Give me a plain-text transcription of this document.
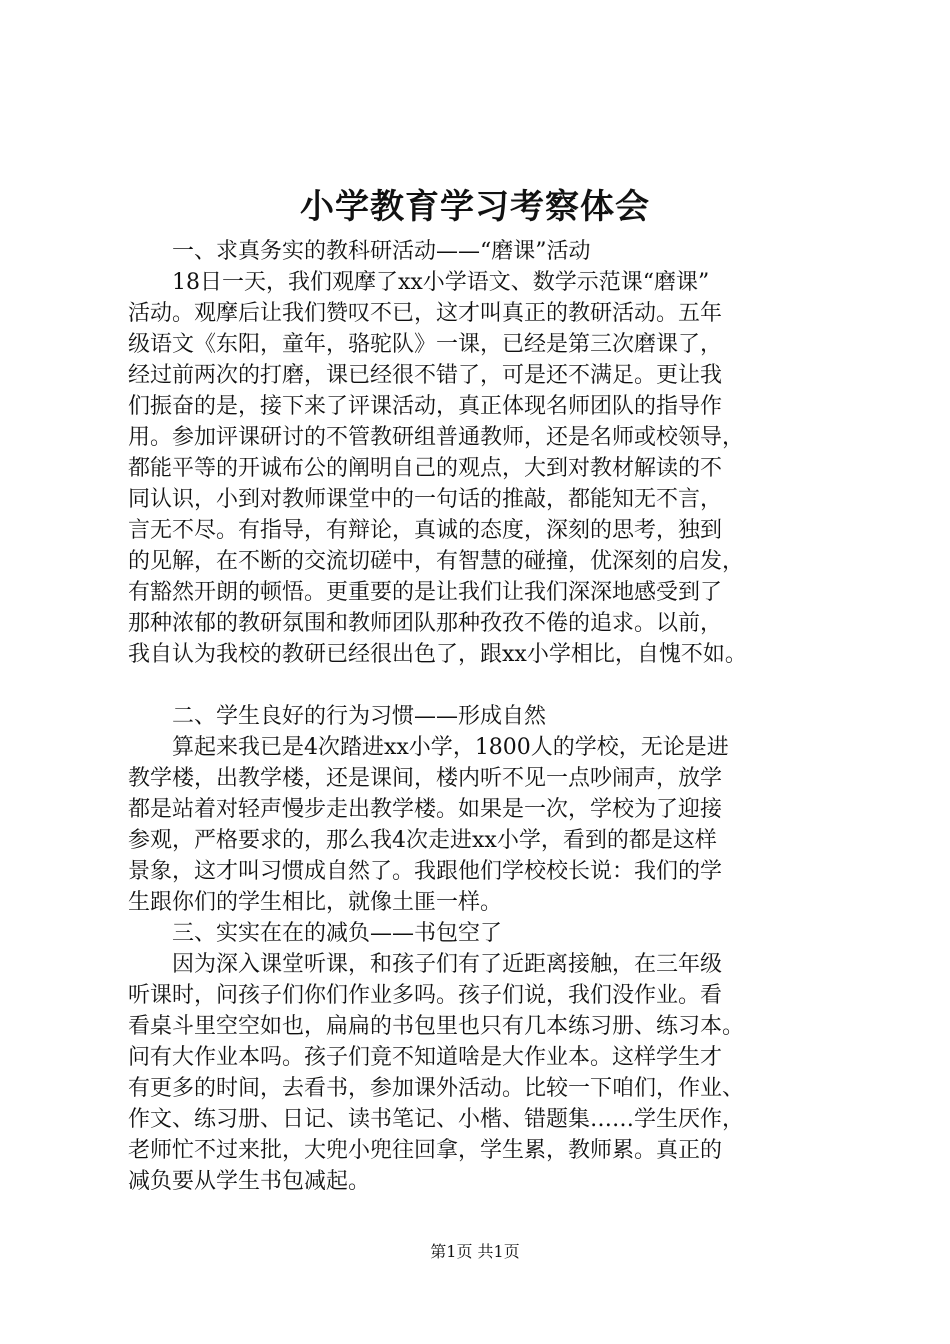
小学教育学习考察体会
　　一、求真务实的教科研活动——“磨课”活动
　　18日一天，我们观摩了xx小学语文、数学示范课“磨课”
活动。观摩后让我们赞叹不已，这才叫真正的教研活动。五年
级语文《东阳，童年，骆驼队》一课，已经是第三次磨课了，
经过前两次的打磨，课已经很不错了，可是还不满足。更让我
们振奋的是，接下来了评课活动，真正体现名师团队的指导作
用。参加评课研讨的不管教研组普通教师，还是名师或校领导，
都能平等的开诚布公的阐明自己的观点，大到对教材解读的不
同认识，小到对教师课堂中的一句话的推敲，都能知无不言，
言无不尽。有指导，有辩论，真诚的态度，深刻的思考，独到
的见解，在不断的交流切磋中，有智慧的碰撞，优深刻的启发，
有豁然开朗的顿悟。更重要的是让我们让我们深深地感受到了
那种浓郁的教研氛围和教师团队那种孜孜不倦的追求。以前，
我自认为我校的教研已经很出色了，跟xx小学相比，自愧不如。
　　二、学生良好的行为习惯——形成自然
　　算起来我已是4次踏进xx小学，1800人的学校，无论是进
教学楼，出教学楼，还是课间，楼内听不见一点吵闹声，放学
都是站着对轻声慢步走出教学楼。如果是一次，学校为了迎接
参观，严格要求的，那么我4次走进xx小学，看到的都是这样
景象，这才叫习惯成自然了。我跟他们学校校长说：我们的学
生跟你们的学生相比，就像土匪一样。
　　三、实实在在的减负——书包空了
　　因为深入课堂听课，和孩子们有了近距离接触，在三年级
听课时，问孩子们你们作业多吗。孩子们说，我们没作业。看
看桌斗里空空如也，扁扁的书包里也只有几本练习册、练习本。
问有大作业本吗。孩子们竟不知道啥是大作业本。这样学生才
有更多的时间，去看书，参加课外活动。比较一下咱们，作业、
作文、练习册、日记、读书笔记、小楷、错题集……学生厌作，
老师忙不过来批，大兜小兜往回拿，学生累，教师累。真正的
减负要从学生书包减起。
第1页 共1页
